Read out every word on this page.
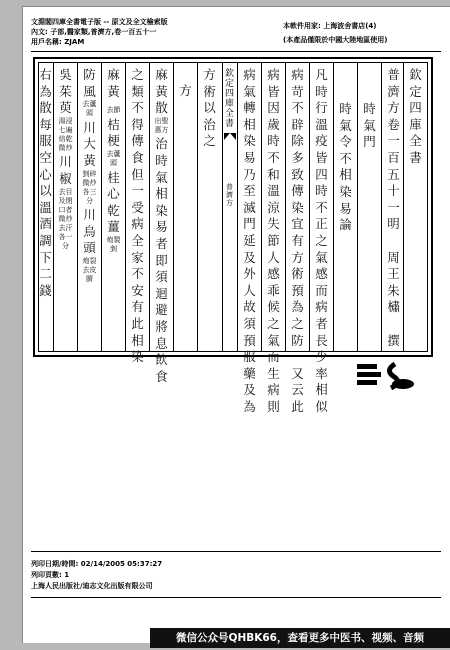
文淵閣四庫全書電子版 -- 原文及全文檢索版
內文: 子部,醫家類,普濟方,卷一百五十一
用戶名稱: ZJAM
本軟件用家: 上海波舍書店(4)
(本產品僅限於中國大陸地區使用)
欽定四庫全書
普濟方卷一百五十一
明

周王朱橚

撰
時氣門
時氣令不相染易論
凡時行溫疫皆四時不正之氣感而病者長少率相似
病苛不辟除多致傳染宜有方術預為之防又云此
病皆因歲時不和溫涼失節人感乖候之氣而生病則
病氣轉相染易乃至滅門延及外人故須預服藥及為
欽定四庫全書
普濟方
方術以治之
方
麻黃散出聖惠方治時氣相染易者即須迴避將息飲食
之類不得傳食但一受病全家不安有此相染
麻黃去節桔梗去蘆頭桂心
乾薑炮製剉
防風去蘆頭川大黃剉碎微炒各三分川烏頭炮裂去皮臍
吳茱萸湯浸七遍焙乾微炒川椒去目及閉口者微炒去汗各一分
右為散每服空心以溫酒調下二錢
列印日期/時間: 02/14/2005 05:37:27
列印頁數: 1
上海人民出版社/迪志文化出版有限公司
微信公众号QHBK66，查看更多中医书、视频、音频
